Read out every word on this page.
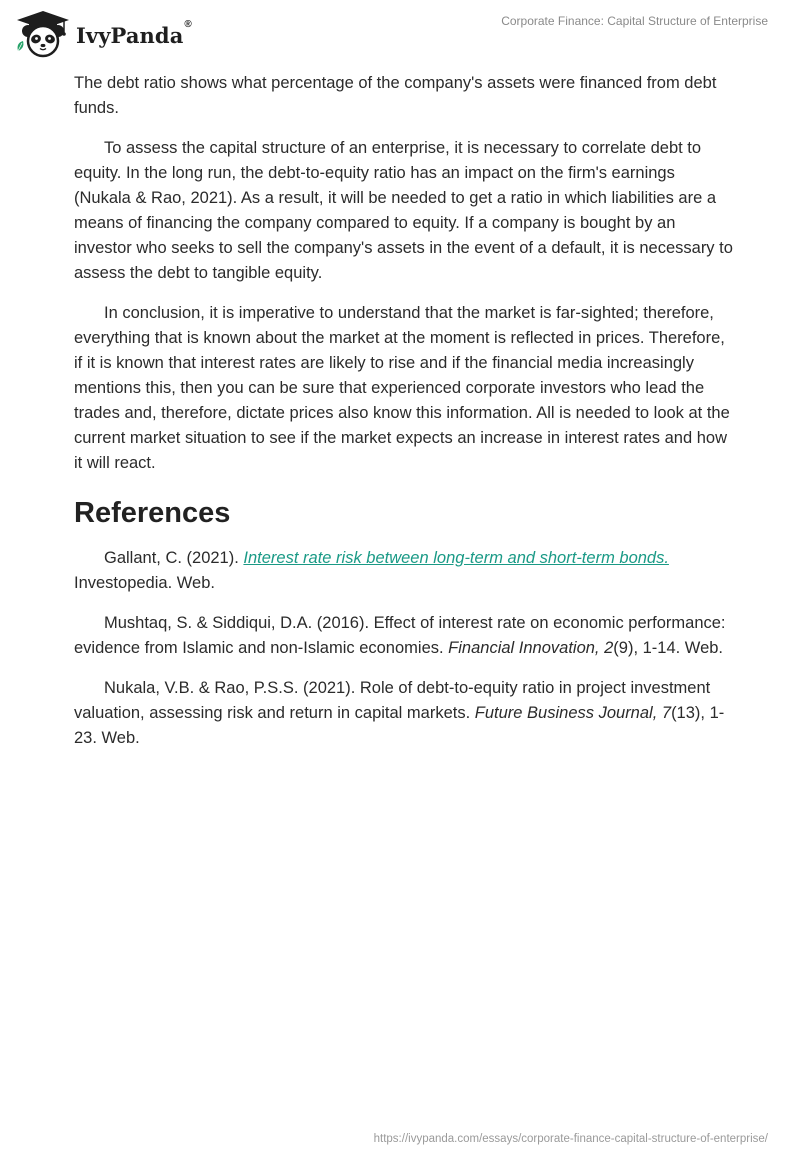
IvyPanda®	Corporate Finance: Capital Structure of Enterprise

The debt ratio shows what percentage of the company's assets were financed from debt funds.

To assess the capital structure of an enterprise, it is necessary to correlate debt to equity. In the long run, the debt-to-equity ratio has an impact on the firm's earnings (Nukala & Rao, 2021). As a result, it will be needed to get a ratio in which liabilities are a means of financing the company compared to equity. If a company is bought by an investor who seeks to sell the company's assets in the event of a default, it is necessary to assess the debt to tangible equity.

In conclusion, it is imperative to understand that the market is far-sighted; therefore, everything that is known about the market at the moment is reflected in prices. Therefore, if it is known that interest rates are likely to rise and if the financial media increasingly mentions this, then you can be sure that experienced corporate investors who lead the trades and, therefore, dictate prices also know this information. All is needed to look at the current market situation to see if the market expects an increase in interest rates and how it will react.

References

Gallant, C. (2021). Interest rate risk between long-term and short-term bonds. Investopedia. Web.

Mushtaq, S. & Siddiqui, D.A. (2016). Effect of interest rate on economic performance: evidence from Islamic and non-Islamic economies. Financial Innovation, 2(9), 1-14. Web.

Nukala, V.B. & Rao, P.S.S. (2021). Role of debt-to-equity ratio in project investment valuation, assessing risk and return in capital markets. Future Business Journal, 7(13), 1-23. Web.

https://ivypanda.com/essays/corporate-finance-capital-structure-of-enterprise/
